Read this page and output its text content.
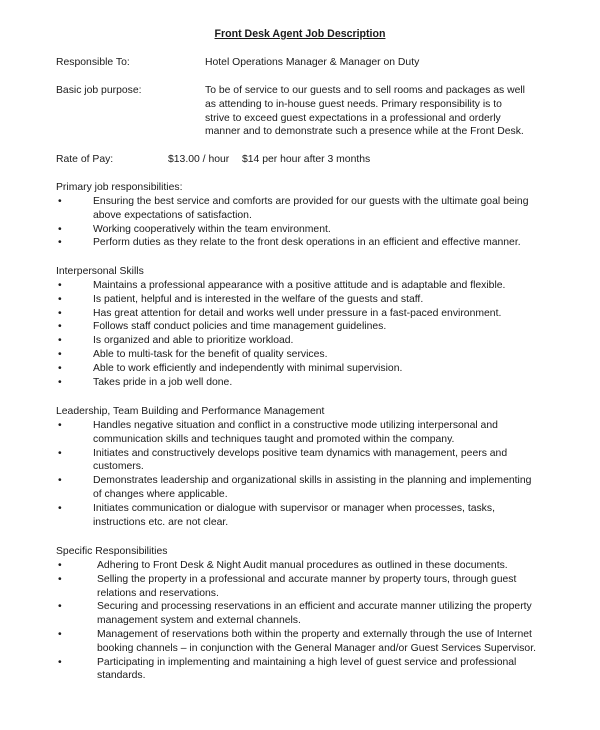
Front Desk Agent Job Description
Responsible To:	Hotel Operations Manager & Manager on Duty
Basic job purpose:	To be of service to our guests and to sell rooms and packages as well as attending to in-house guest needs. Primary responsibility is to strive to exceed guest expectations in a professional and orderly manner and to demonstrate such a presence while at the Front Desk.
Rate of Pay:	$13.00 / hour $14 per hour after 3 months
Primary job responsibilities:
•	Ensuring the best service and comforts are provided for our guests with the ultimate goal being above expectations of satisfaction.
•	Working cooperatively within the team environment.
•	Perform duties as they relate to the front desk operations in an efficient and effective manner.
Interpersonal Skills
•	Maintains a professional appearance with a positive attitude and is adaptable and flexible.
•	Is patient, helpful and is interested in the welfare of the guests and staff.
•	Has great attention for detail and works well under pressure in a fast-paced environment.
•	Follows staff conduct policies and time management guidelines.
•	Is organized and able to prioritize workload.
•	Able to multi-task for the benefit of quality services.
•	Able to work efficiently and independently with minimal supervision.
•	Takes pride in a job well done.
Leadership, Team Building and Performance Management
•	Handles negative situation and conflict in a constructive mode utilizing interpersonal and communication skills and techniques taught and promoted within the company.
•	Initiates and constructively develops positive team dynamics with management, peers and customers.
•	Demonstrates leadership and organizational skills in assisting in the planning and implementing of changes where applicable.
•	Initiates communication or dialogue with supervisor or manager when processes, tasks, instructions etc. are not clear.
Specific Responsibilities
•	Adhering to Front Desk & Night Audit manual procedures as outlined in these documents.
•	Selling the property in a professional and accurate manner by property tours, through guest relations and reservations.
•	Securing and processing reservations in an efficient and accurate manner utilizing the property management system and external channels.
•	Management of reservations both within the property and externally through the use of Internet booking channels – in conjunction with the General Manager and/or Guest Services Supervisor.
•	Participating in implementing and maintaining a high level of guest service and professional standards.
